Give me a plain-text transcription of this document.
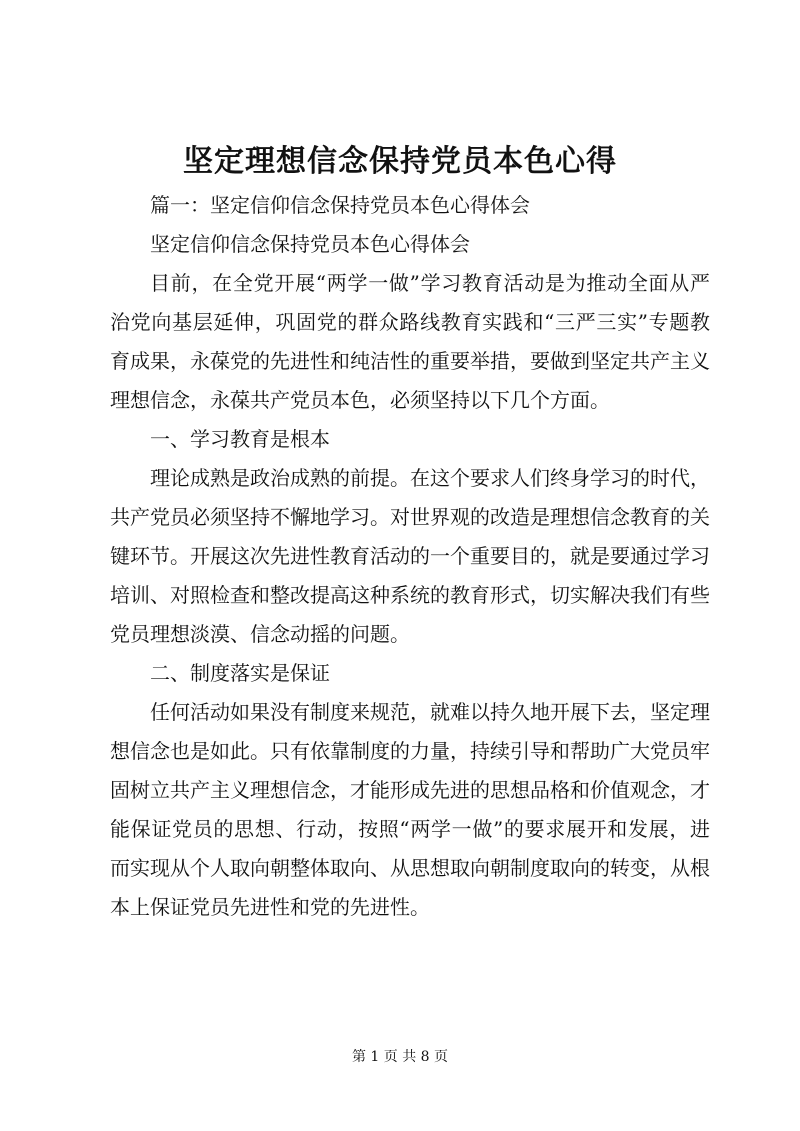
坚定理想信念保持党员本色心得

篇一：坚定信仰信念保持党员本色心得体会

坚定信仰信念保持党员本色心得体会

目前，在全党开展“两学一做”学习教育活动是为推动全面从严治党向基层延伸，巩固党的群众路线教育实践和“三严三实”专题教育成果，永葆党的先进性和纯洁性的重要举措，要做到坚定共产主义理想信念，永葆共产党员本色，必须坚持以下几个方面。

一、学习教育是根本

理论成熟是政治成熟的前提。在这个要求人们终身学习的时代，共产党员必须坚持不懈地学习。对世界观的改造是理想信念教育的关键环节。开展这次先进性教育活动的一个重要目的，就是要通过学习培训、对照检查和整改提高这种系统的教育形式，切实解决我们有些党员理想淡漠、信念动摇的问题。

二、制度落实是保证

任何活动如果没有制度来规范，就难以持久地开展下去，坚定理想信念也是如此。只有依靠制度的力量，持续引导和帮助广大党员牢固树立共产主义理想信念，才能形成先进的思想品格和价值观念，才能保证党员的思想、行动，按照“两学一做”的要求展开和发展，进而实现从个人取向朝整体取向、从思想取向朝制度取向的转变，从根本上保证党员先进性和党的先进性。

第 1 页 共 8 页
